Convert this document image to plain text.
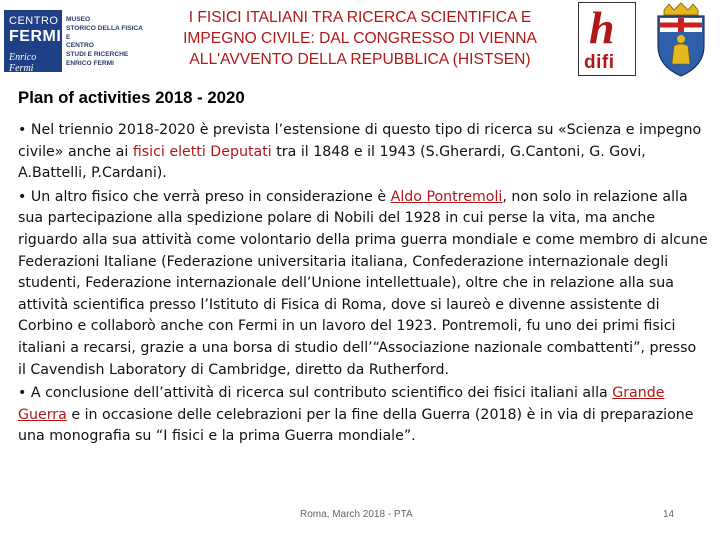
CENTRO
FERMI
Enrico Fermi
MUSEO
STORICO DELLA FISICA
E
CENTRO
STUDI E RICERCHE
ENRICO FERMI
I FISICI ITALIANI TRA RICERCA SCIENTIFICA E
IMPEGNO CIVILE: DAL CONGRESSO DI VIENNA
ALL'AVVENTO DELLA REPUBBLICA (HISTSEN)
h
difi
Plan of activities 2018 - 2020

• Nel triennio 2018-2020 è prevista l’estensione di questo tipo di ricerca su «Scienza e impegno civile» anche ai fisici eletti Deputati tra il 1848 e il 1943 (S.Gherardi, G.Cantoni, G. Govi, A.Battelli, P.Cardani).

• Un altro fisico che verrà preso in considerazione è Aldo Pontremoli, non solo in relazione alla sua partecipazione alla spedizione polare di Nobili del 1928 in cui perse la vita, ma anche riguardo alla sua attività come volontario della prima guerra mondiale e come membro di alcune Federazioni Italiane (Federazione universitaria italiana, Confederazione internazionale degli studenti, Federazione internazionale dell’Unione intellettuale), oltre che in relazione alla sua attività scientifica presso l’Istituto di Fisica di Roma, dove si laureò e divenne assistente di Corbino e collaborò anche con Fermi in un lavoro del 1923. Pontremoli, fu uno dei primi fisici italiani a recarsi, grazie a una borsa di studio dell’“Associazione nazionale combattenti”, presso il Cavendish Laboratory di Cambridge, diretto da Rutherford.

• A conclusione dell’attività di ricerca sul contributo scientifico dei fisici italiani alla Grande Guerra e in occasione delle celebrazioni per la fine della Guerra (2018) è in via di preparazione una monografia su “I fisici e la prima Guerra mondiale”.

Roma, March 2018 - PTA	14
